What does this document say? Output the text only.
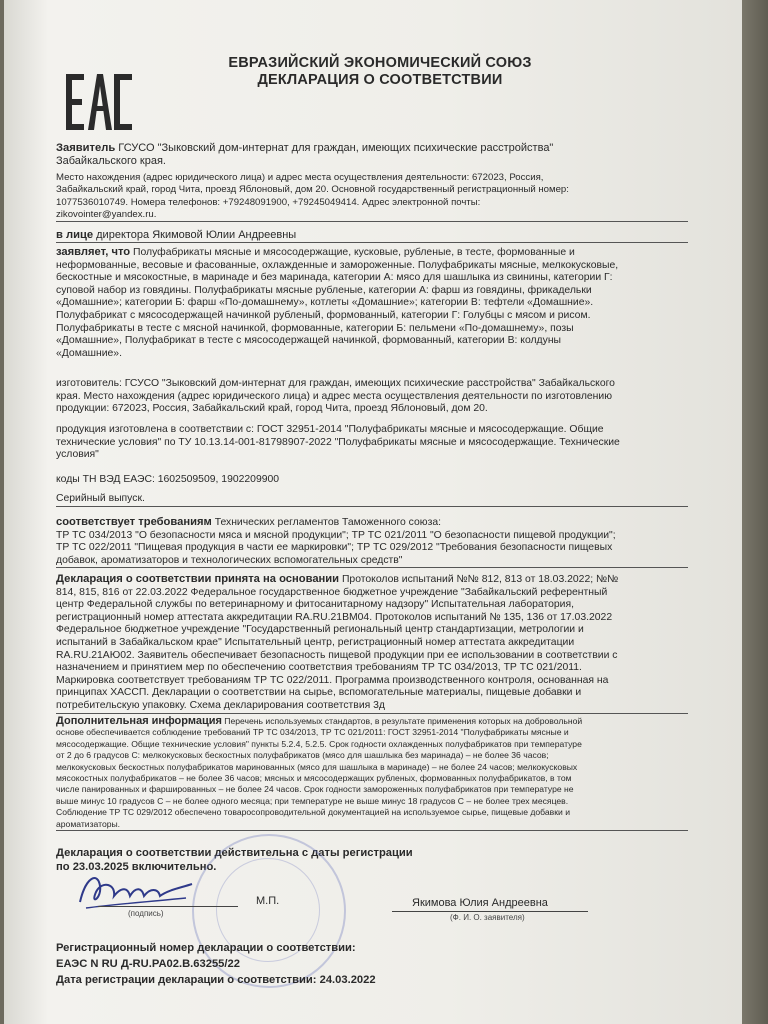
ЕВРАЗИЙСКИЙ ЭКОНОМИЧЕСКИЙ СОЮЗ
ДЕКЛАРАЦИЯ О СООТВЕТСТВИИ
Заявитель ГСУСО "Зыковский дом-интернат для граждан, имеющих психические расстройства"
Забайкальского края.
Место нахождения (адрес юридического лица) и адрес места осуществления деятельности: 672023, Россия,
Забайкальский край, город Чита, проезд Яблоновый, дом 20. Основной государственный регистрационный номер:
1077536010749. Номера телефонов: +79248091900, +79245049414. Адрес электронной почты:
zikovointer@yandex.ru.
в лице директора Якимовой Юлии Андреевны
заявляет, что Полуфабрикаты мясные и мясосодержащие, кусковые, рубленые, в тесте, формованные и
неформованные, весовые и фасованные, охлажденные и замороженные. Полуфабрикаты мясные, мелкокусковые,
бескостные и мясокостные, в маринаде и без маринада, категории А: мясо для шашлыка из свинины, категории Г:
суповой набор из говядины. Полуфабрикаты мясные рубленые, категории А: фарш из говядины, фрикадельки
«Домашние»; категории Б: фарш «По-домашнему», котлеты «Домашние»; категории В: тефтели «Домашние».
Полуфабрикат с мясосодержащей начинкой рубленый, формованный, категории Г: Голубцы с мясом и рисом.
Полуфабрикаты в тесте с мясной начинкой, формованные, категории Б: пельмени «По-домашнему», позы
«Домашние», Полуфабрикат в тесте с мясосодержащей начинкой, формованный, категории В: колдуны
«Домашние».
изготовитель: ГСУСО "Зыковский дом-интернат для граждан, имеющих психические расстройства" Забайкальского
края. Место нахождения (адрес юридического лица) и адрес места осуществления деятельности по изготовлению
продукции: 672023, Россия, Забайкальский край, город Чита, проезд Яблоновый, дом 20.
продукция изготовлена в соответствии с: ГОСТ 32951-2014 "Полуфабрикаты мясные и мясосодержащие. Общие
технические условия" по ТУ 10.13.14-001-81798907-2022 "Полуфабрикаты мясные и мясосодержащие. Технические
условия"
коды ТН ВЭД ЕАЭС: 1602509509, 1902209900
Серийный выпуск.
соответствует требованиям Технических регламентов Таможенного союза:
ТР ТС 034/2013 "О безопасности мяса и мясной продукции"; ТР ТС 021/2011 "О безопасности пищевой продукции";
ТР ТС 022/2011 "Пищевая продукция в части ее маркировки"; ТР ТС 029/2012 "Требования безопасности пищевых
добавок, ароматизаторов и технологических вспомогательных средств"
Декларация о соответствии принята на основании Протоколов испытаний №№ 812, 813 от 18.03.2022; №№
814, 815, 816 от 22.03.2022 Федеральное государственное бюджетное учреждение "Забайкальский референтный
центр Федеральной службы по ветеринарному и фитосанитарному надзору" Испытательная лаборатория,
регистрационный номер аттестата аккредитации RA.RU.21BM04. Протоколов испытаний № 135, 136 от 17.03.2022
Федеральное бюджетное учреждение "Государственный региональный центр стандартизации, метрологии и
испытаний в Забайкальском крае" Испытательный центр, регистрационный номер аттестата аккредитации
RA.RU.21АЮ02. Заявитель обеспечивает безопасность пищевой продукции при ее использовании в соответствии с
назначением и принятием мер по обеспечению соответствия требованиям ТР ТС 034/2013, ТР ТС 021/2011.
Маркировка соответствует требованиям ТР ТС 022/2011. Программа производственного контроля, основанная на
принципах ХАССП. Декларации о соответствии на сырье, вспомогательные материалы, пищевые добавки и
потребительскую упаковку. Схема декларирования соответствия 3д
Дополнительная информация Перечень используемых стандартов, в результате применения которых на добровольной
основе обеспечивается соблюдение требований ТР ТС 034/2013, ТР ТС 021/2011: ГОСТ 32951-2014 "Полуфабрикаты мясные и
мясосодержащие. Общие технические условия" пункты 5.2.4, 5.2.5. Срок годности охлажденных полуфабрикатов при температуре
от 2 до 6 градусов С: мелкокусковых бескостных полуфабрикатов (мясо для шашлыка без маринада) – не более 36 часов;
мелкокусковых бескостных полуфабрикатов маринованных (мясо для шашлыка в маринаде) – не более 24 часов; мелкокусковых
мясокостных полуфабрикатов – не более 36 часов; мясных и мясосодержащих рубленых, формованных полуфабрикатов, в том
числе панированных и фаршированных – не более 24 часов. Срок годности замороженных полуфабрикатов при температуре не
выше минус 10 градусов С – не более одного месяца; при температуре не выше минус 18 градусов С – не более трех месяцев.
Соблюдение ТР ТС 029/2012 обеспечено товаросопроводительной документацией на используемое сырье, пищевые добавки и
ароматизаторы.
Декларация о соответствии действительна с даты регистрации
по 23.03.2025 включительно.
(подпись)
М.П.	Якимова Юлия Андреевна
(Ф. И. О. заявителя)
Регистрационный номер декларации о соответствии:
ЕАЭС N RU Д-RU.PA02.B.63255/22
Дата регистрации декларации о соответствии: 24.03.2022
